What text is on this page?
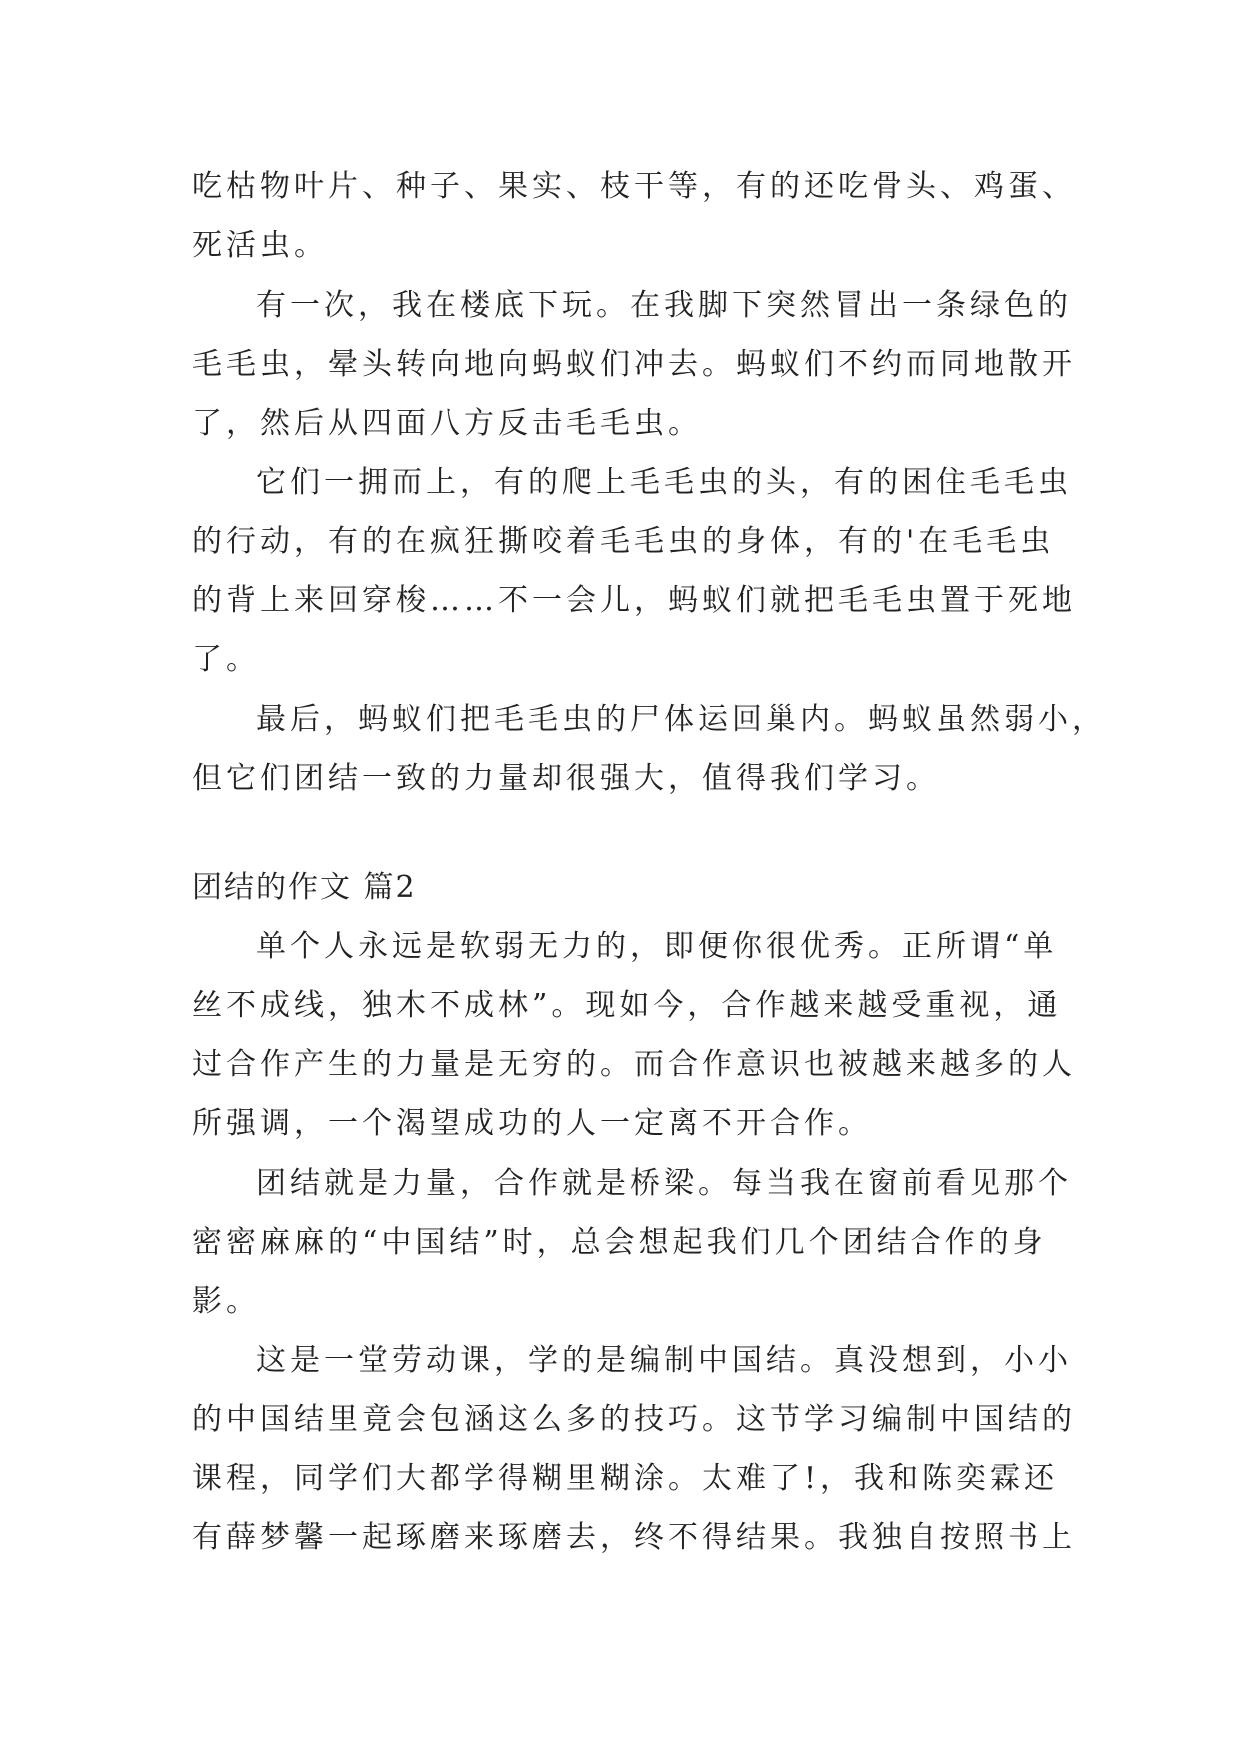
吃枯物叶片、种子、果实、枝干等，有的还吃骨头、鸡蛋、
死活虫。
有一次，我在楼底下玩。在我脚下突然冒出一条绿色的
毛毛虫，晕头转向地向蚂蚁们冲去。蚂蚁们不约而同地散开
了，然后从四面八方反击毛毛虫。
它们一拥而上，有的爬上毛毛虫的头，有的困住毛毛虫
的行动，有的在疯狂撕咬着毛毛虫的身体，有的'在毛毛虫
的背上来回穿梭……不一会儿，蚂蚁们就把毛毛虫置于死地
了。
最后，蚂蚁们把毛毛虫的尸体运回巢内。蚂蚁虽然弱小，
但它们团结一致的力量却很强大，值得我们学习。
团结的作文 篇2
单个人永远是软弱无力的，即便你很优秀。正所谓“单
丝不成线，独木不成林”。现如今，合作越来越受重视，通
过合作产生的力量是无穷的。而合作意识也被越来越多的人
所强调，一个渴望成功的人一定离不开合作。
团结就是力量，合作就是桥梁。每当我在窗前看见那个
密密麻麻的“中国结”时，总会想起我们几个团结合作的身
影。
这是一堂劳动课，学的是编制中国结。真没想到，小小
的中国结里竟会包涵这么多的技巧。这节学习编制中国结的
课程，同学们大都学得糊里糊涂。太难了!，我和陈奕霖还
有薛梦馨一起琢磨来琢磨去，终不得结果。我独自按照书上
